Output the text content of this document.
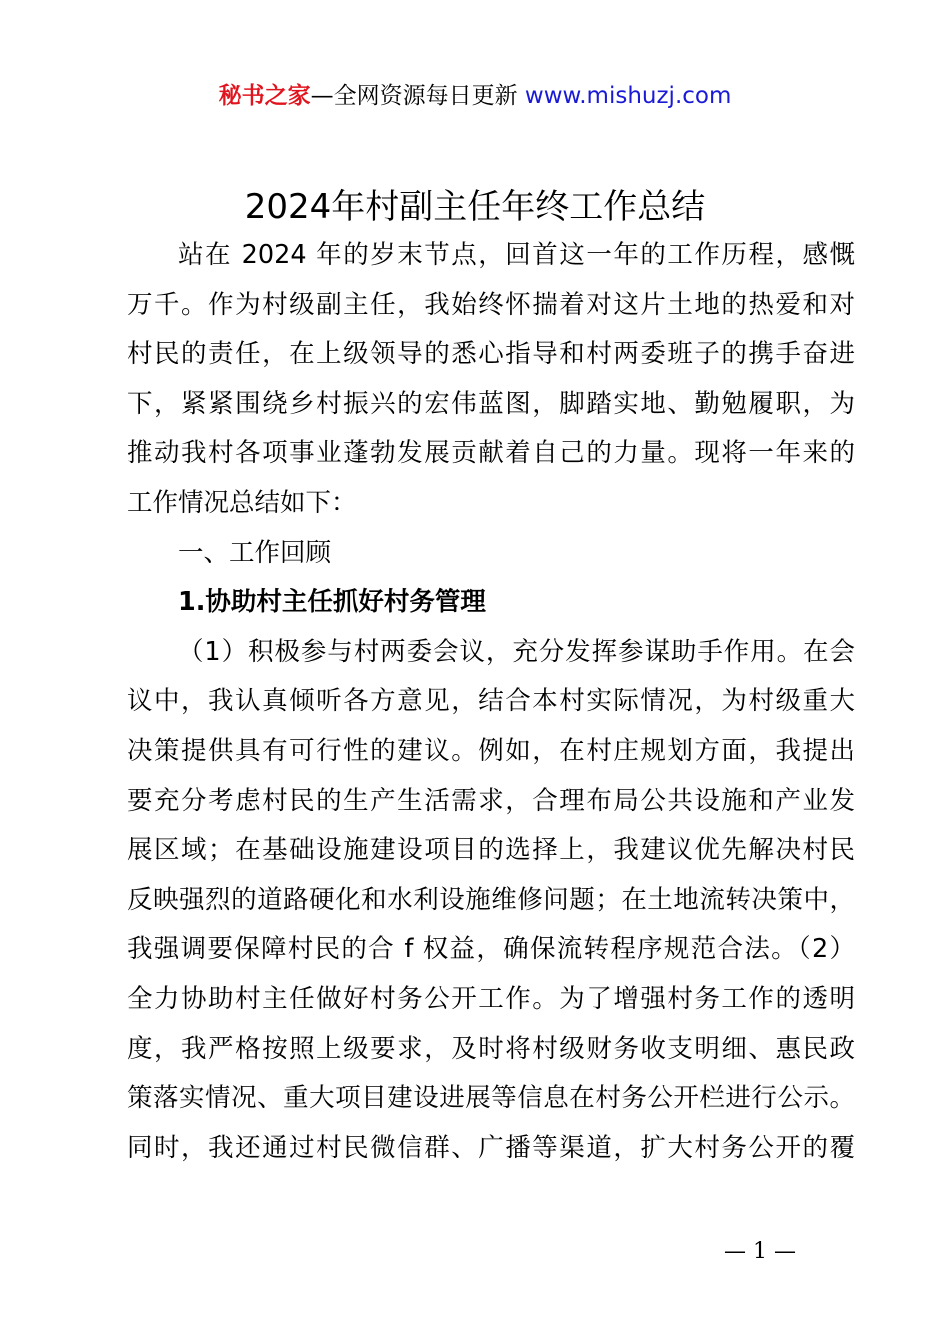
秘书之家—全网资源每日更新 www.mishuzj.com
2024年村副主任年终工作总结
站在 2024 年的岁末节点，回首这一年的工作历程，感慨
万千。作为村级副主任，我始终怀揣着对这片土地的热爱和对
村民的责任，在上级领导的悉心指导和村两委班子的携手奋进
下，紧紧围绕乡村振兴的宏伟蓝图，脚踏实地、勤勉履职，为
推动我村各项事业蓬勃发展贡献着自己的力量。现将一年来的
工作情况总结如下：
一、工作回顾
1.协助村主任抓好村务管理
（1）积极参与村两委会议，充分发挥参谋助手作用。在会
议中，我认真倾听各方意见，结合本村实际情况，为村级重大
决策提供具有可行性的建议。例如，在村庄规划方面，我提出
要充分考虑村民的生产生活需求，合理布局公共设施和产业发
展区域；在基础设施建设项目的选择上，我建议优先解决村民
反映强烈的道路硬化和水利设施维修问题；在土地流转决策中，
我强调要保障村民的合 f 权益，确保流转程序规范合法。（2）
全力协助村主任做好村务公开工作。为了增强村务工作的透明
度，我严格按照上级要求，及时将村级财务收支明细、惠民政
策落实情况、重大项目建设进展等信息在村务公开栏进行公示。
同时，我还通过村民微信群、广播等渠道，扩大村务公开的覆
— 1 —
